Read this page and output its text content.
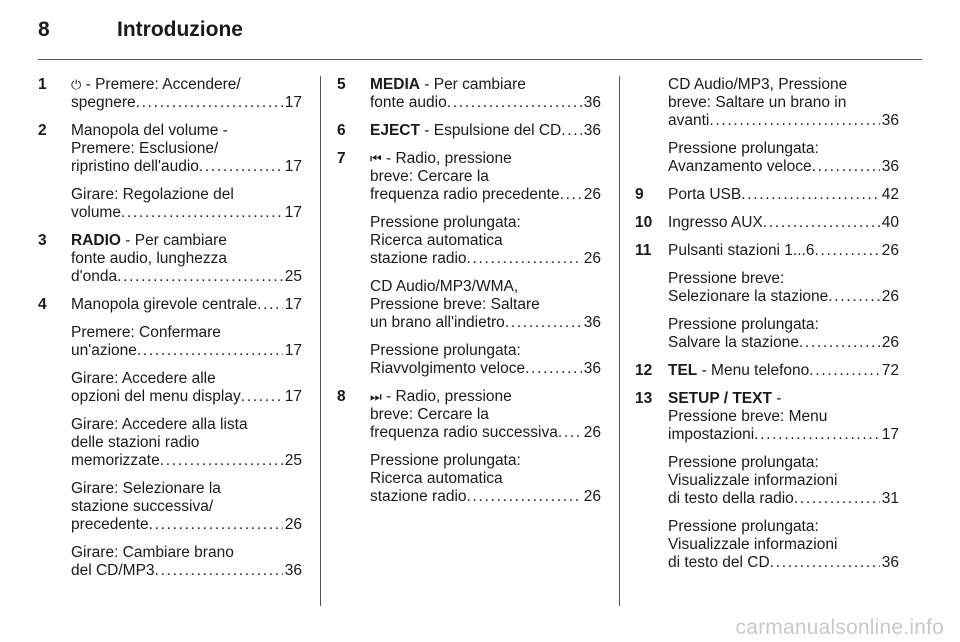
8	Introduzione
1 ⏻ - Premere: Accendere/
spegnere . . .	17
2 Manopola del volume -
Premere: Esclusione/
ripristino dell'audio . . .	17
Girare: Regolazione del
volume . . .	17
3 RADIO - Per cambiare
fonte audio, lunghezza
d'onda . . .	25
4 Manopola girevole centrale . . . 17
Premere: Confermare
un'azione . . .	17
Girare: Accedere alle
opzioni del menu display . . .	17
Girare: Accedere alla lista
delle stazioni radio
memorizzate . . .	25
Girare: Selezionare la
stazione successiva/
precedente . . .	26
Girare: Cambiare brano
del CD/MP3 . . .	36
5 MEDIA - Per cambiare
fonte audio . . .	36
6 EJECT - Espulsione del CD . . . 36
7 ⏮ - Radio, pressione
breve: Cercare la
frequenza radio precedente . . . 26
Pressione prolungata:
Ricerca automatica
stazione radio . . .	26
CD Audio/MP3/WMA,
Pressione breve: Saltare
un brano all'indietro . . .	36
Pressione prolungata:
Riavvolgimento veloce . . .	36
8 ⏭ - Radio, pressione
breve: Cercare la
frequenza radio successiva . . . 26
Pressione prolungata:
Ricerca automatica
stazione radio . . .	26
CD Audio/MP3, Pressione
breve: Saltare un brano in
avanti . . .	36
Pressione prolungata:
Avanzamento veloce . . .	36
9 Porta USB . . .	42
10 Ingresso AUX . . .	40
11 Pulsanti stazioni 1...6 . . .	26
Pressione breve:
Selezionare la stazione . . .	26
Pressione prolungata:
Salvare la stazione . . .	26
12 TEL - Menu telefono . . .	72
13 SETUP / TEXT -
Pressione breve: Menu
impostazioni . . .	17
Pressione prolungata:
Visualizzale informazioni
di testo della radio . . .	31
Pressione prolungata:
Visualizzale informazioni
di testo del CD . . .	36
carmanualsonline.info
